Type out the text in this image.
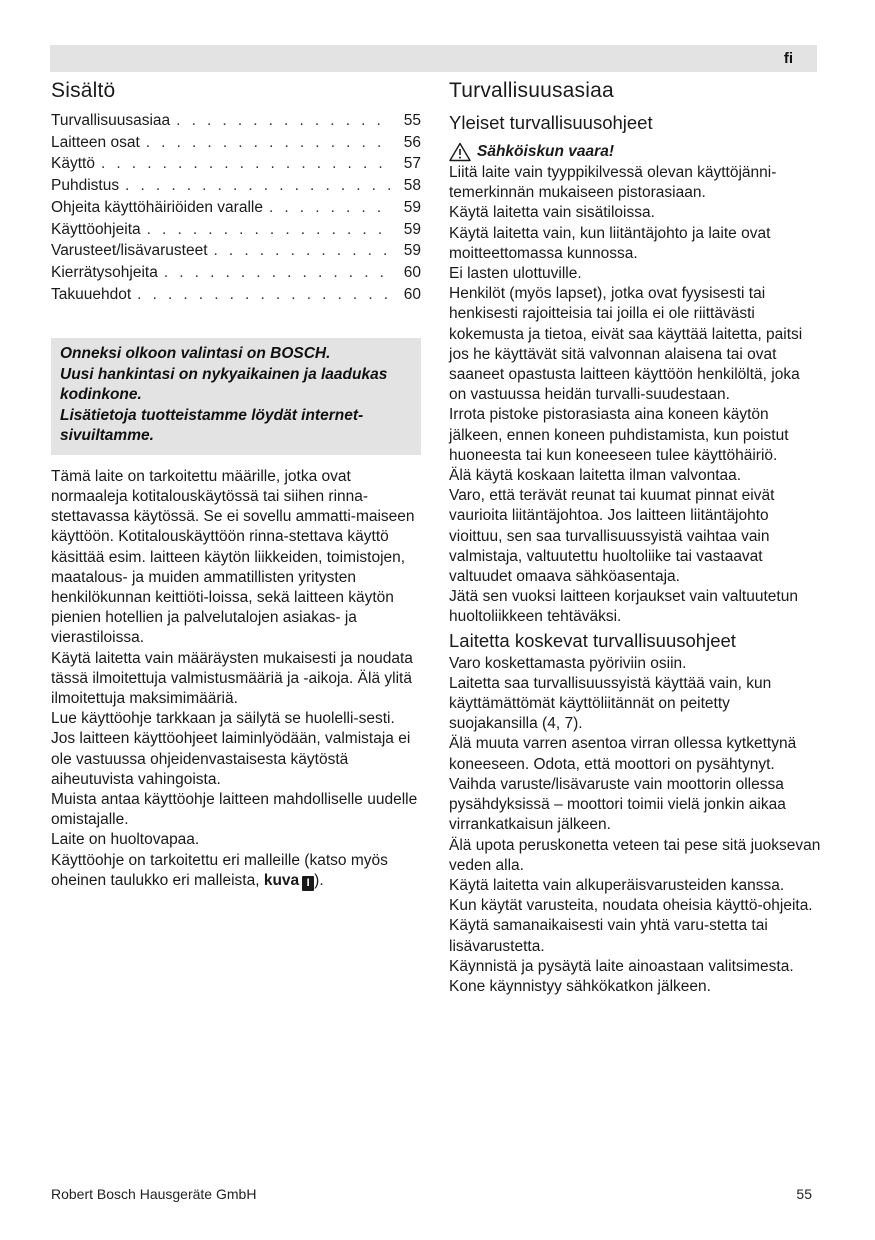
fi
Sisältö
Turvallisuusasiaa . . .	55
Laitteen osat . . .	56
Käyttö . . .	57
Puhdistus . . .	58
Ohjeita käyttöhäiriöiden varalle . . .	59
Käyttöohjeita . . .	59
Varusteet/lisävarusteet . . .	59
Kierrätysohjeita . . .	60
Takuuehdot . . .	60
Onneksi olkoon valintasi on BOSCH.
Uusi hankintasi on nykyaikainen ja laadukas kodinkone.
Lisätietoja tuotteistamme löydät internet-sivuiltamme.

Tämä laite on tarkoitettu määrille, jotka ovat normaaleja kotitalouskäytössä tai siihen rinna-stettavassa käytössä. Se ei sovellu ammatti-maiseen käyttöön. Kotitalouskäyttöön rinna-stettava käyttö käsittää esim. laitteen käytön liikkeiden, toimistojen, maatalous- ja muiden ammatillisten yritysten henkilökunnan keittiöti-loissa, sekä laitteen käytön pienien hotellien ja palvelutalojen asiakas- ja vierastiloissa.

Käytä laitetta vain määräysten mukaisesti ja noudata tässä ilmoitettuja valmistusmääriä ja -aikoja. Älä ylitä ilmoitettuja maksimimääriä.

Lue käyttöohje tarkkaan ja säilytä se huolelli-sesti. Jos laitteen käyttöohjeet laiminlyödään, valmistaja ei ole vastuussa ohjeidenvastaisesta käytöstä aiheutuvista vahingoista.

Muista antaa käyttöohje laitteen mahdolliselle uudelle omistajalle.

Laite on huoltovapaa.

Käyttöohje on tarkoitettu eri malleille (katso myös oheinen taulukko eri malleista, kuva I ).

Turvallisuusasiaa
Yleiset turvallisuusohjeet
Sähköiskun vaara!

Liitä laite vain tyyppikilvessä olevan käyttöjänni-temerkinnän mukaiseen pistorasiaan.

Käytä laitetta vain sisätiloissa.

Käytä laitetta vain, kun liitäntäjohto ja laite ovat moitteettomassa kunnossa.

Ei lasten ulottuville.

Henkilöt (myös lapset), jotka ovat fyysisesti tai henkisesti rajoitteisia tai joilla ei ole riittävästi kokemusta ja tietoa, eivät saa käyttää laitetta, paitsi jos he käyttävät sitä valvonnan alaisena tai ovat saaneet opastusta laitteen käyttöön henkilöltä, joka on vastuussa heidän turvalli-suudestaan.

Irrota pistoke pistorasiasta aina koneen käytön jälkeen, ennen koneen puhdistamista, kun poistut huoneesta tai kun koneeseen tulee käyttöhäiriö.

Älä käytä koskaan laitetta ilman valvontaa.

Varo, että terävät reunat tai kuumat pinnat eivät vaurioita liitäntäjohtoa. Jos laitteen liitäntäjohto vioittuu, sen saa turvallisuussyistä vaihtaa vain valmistaja, valtuutettu huoltoliike tai vastaavat valtuudet omaava sähköasentaja.

Jätä sen vuoksi laitteen korjaukset vain valtuutetun huoltoliikkeen tehtäväksi.

Laitetta koskevat turvallisuusohjeet

Varo koskettamasta pyöriviin osiin.

Laitetta saa turvallisuussyistä käyttää vain, kun käyttämättömät käyttöliitännät on peitetty suojakansilla (4, 7).

Älä muuta varren asentoa virran ollessa kytkettynä koneeseen. Odota, että moottori on pysähtynyt.

Vaihda varuste/lisävaruste vain moottorin ollessa pysähdyksissä – moottori toimii vielä jonkin aikaa virrankatkaisun jälkeen.

Älä upota peruskonetta veteen tai pese sitä juoksevan veden alla.

Käytä laitetta vain alkuperäisvarusteiden kanssa.

Kun käytät varusteita, noudata oheisia käyttö-ohjeita. Käytä samanaikaisesti vain yhtä varu-stetta tai lisävarustetta.

Käynnistä ja pysäytä laite ainoastaan valitsimesta.

Kone käynnistyy sähkökatkon jälkeen.

Robert Bosch Hausgeräte GmbH	55
